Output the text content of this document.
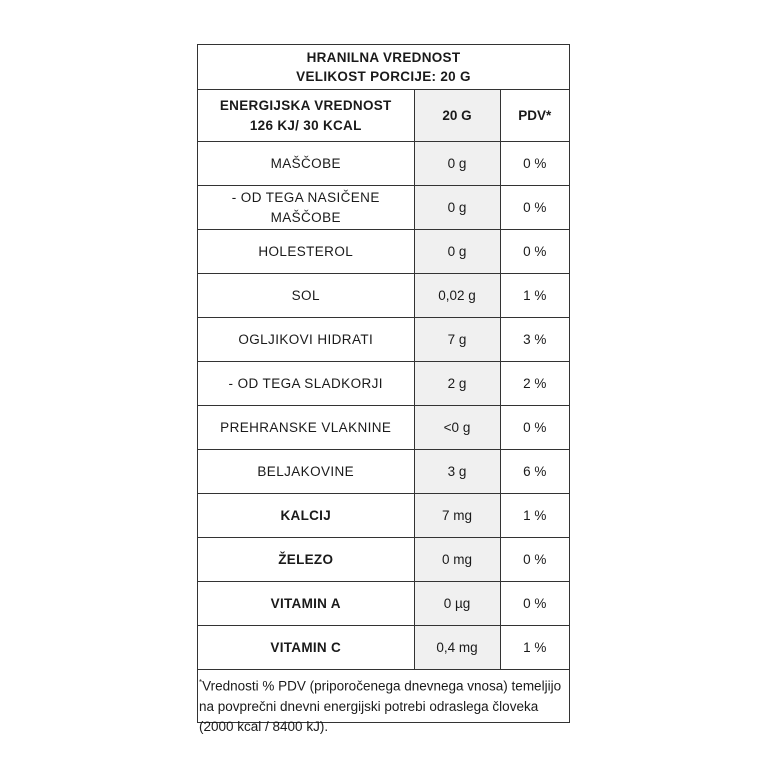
HRANILNA VREDNOST
VELIKOST PORCIJE: 20 G
ENERGIJSKA VREDNOST
126 KJ/ 30 KCAL	20 G	PDV*
MAŠČOBE	0 g	0 %
- OD TEGA NASIČENE MAŠČOBE	0 g	0 %
HOLESTEROL	0 g	0 %
SOL	0,02 g	1 %
OGLJIKOVI HIDRATI	7 g	3 %
- OD TEGA SLADKORJI	2 g	2 %
PREHRANSKE VLAKNINE	<0 g	0 %
BELJAKOVINE	3 g	6 %
KALCIJ	7 mg	1 %
ŽELEZO	0 mg	0 %
VITAMIN A	0 µg	0 %
VITAMIN C	0,4 mg	1 %
*Vrednosti % PDV (priporočenega dnevnega vnosa) temeljijo na povprečni dnevni energijski potrebi odraslega človeka (2000 kcal / 8400 kJ).
